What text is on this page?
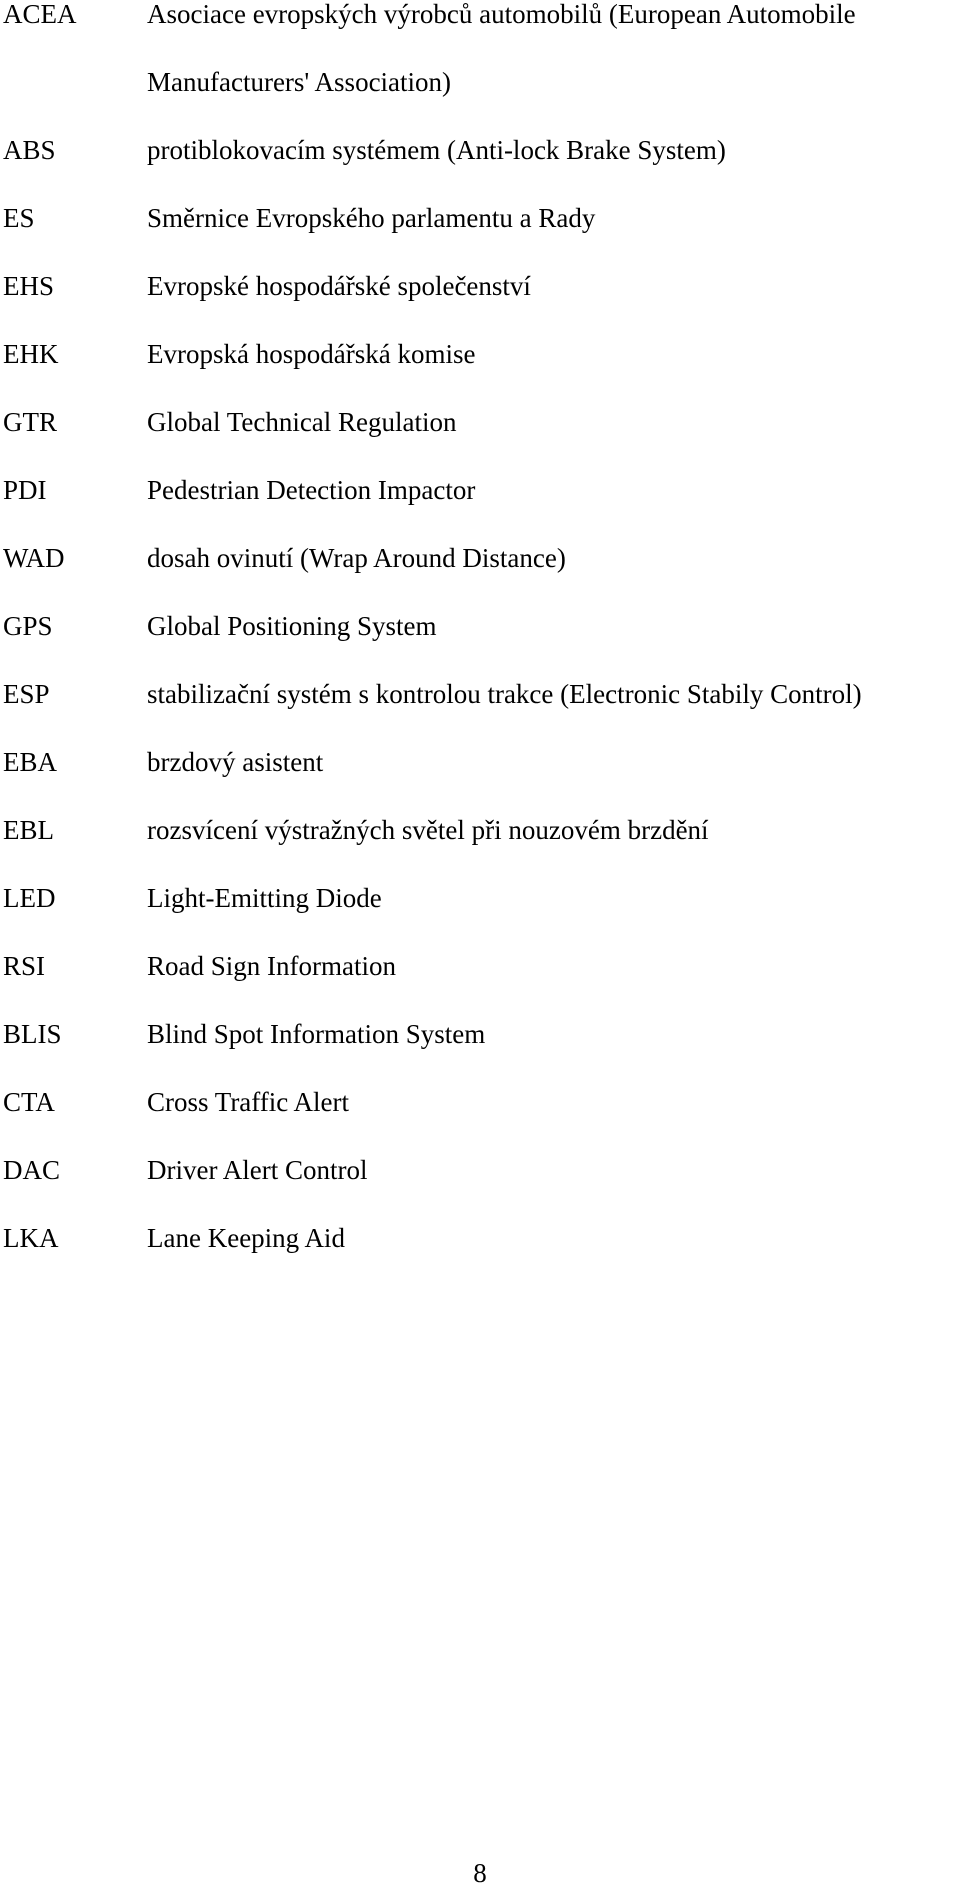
ACEA	Asociace evropských výrobců automobilů (European Automobile
Manufacturers' Association)
ABS	protiblokovacím systémem (Anti-lock Brake System)
ES	Směrnice Evropského parlamentu a Rady
EHS	Evropské hospodářské společenství
EHK	Evropská hospodářská komise
GTR	Global Technical Regulation
PDI	Pedestrian Detection Impactor
WAD	dosah ovinutí (Wrap Around Distance)
GPS	Global Positioning System
ESP	stabilizační systém s kontrolou trakce (Electronic Stabily Control)
EBA	brzdový asistent
EBL	rozsvícení výstražných světel při nouzovém brzdění
LED	Light-Emitting Diode
RSI	Road Sign Information
BLIS	Blind Spot Information System
CTA	Cross Traffic Alert
DAC	Driver Alert Control
LKA	Lane Keeping Aid
8
